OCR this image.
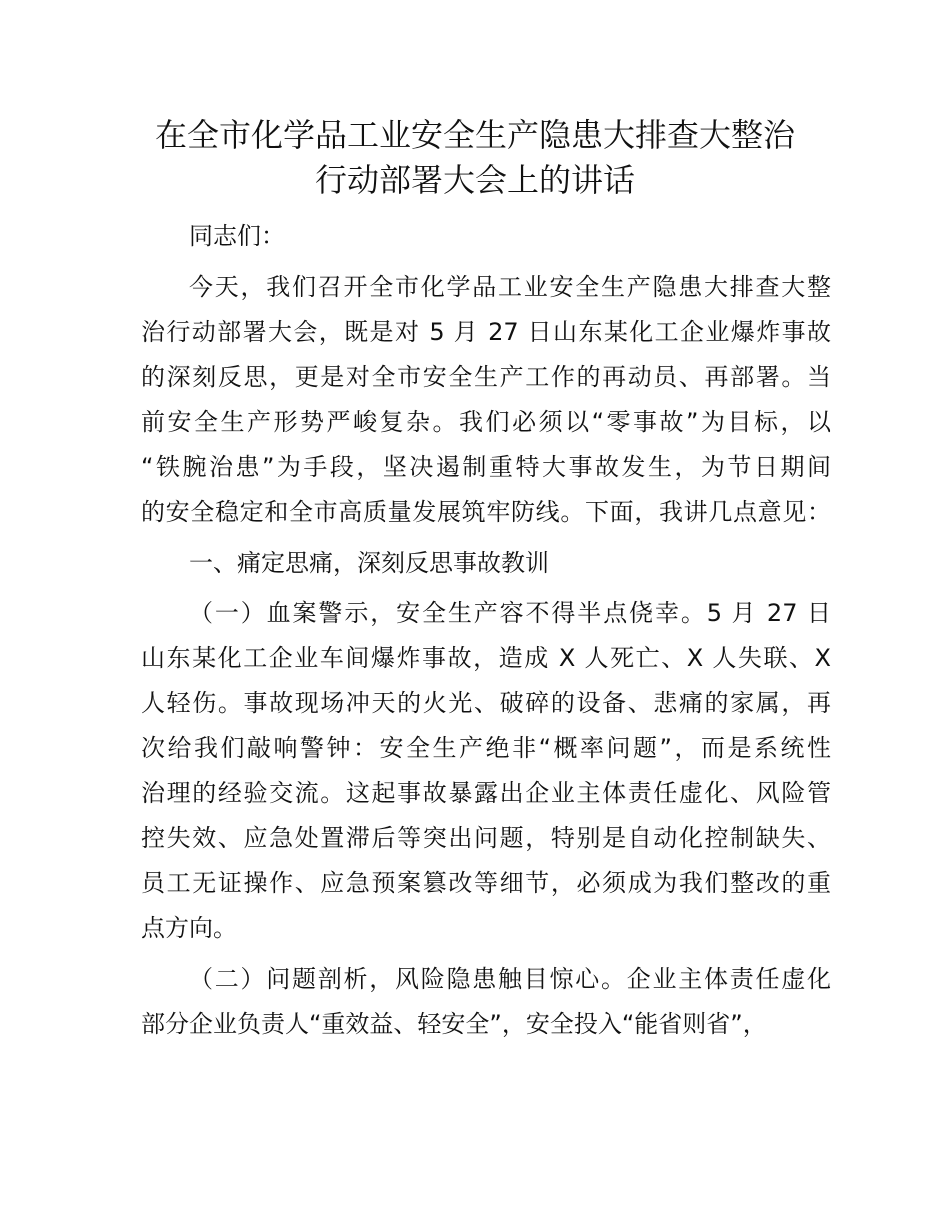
在全市化学品工业安全生产隐患大排查大整治
行动部署大会上的讲话
同志们：
今天，我们召开全市化学品工业安全生产隐患大排查大整
治行动部署大会，既是对 5 月 27 日山东某化工企业爆炸事故
的深刻反思，更是对全市安全生产工作的再动员、再部署。当
前安全生产形势严峻复杂。我们必须以“零事故”为目标，以
“铁腕治患”为手段，坚决遏制重特大事故发生，为节日期间
的安全稳定和全市高质量发展筑牢防线。下面，我讲几点意见：
一、痛定思痛，深刻反思事故教训
（一）血案警示，安全生产容不得半点侥幸。5 月 27 日
山东某化工企业车间爆炸事故，造成 X 人死亡、X 人失联、X
人轻伤。事故现场冲天的火光、破碎的设备、悲痛的家属，再
次给我们敲响警钟：安全生产绝非“概率问题”，而是系统性
治理的经验交流。这起事故暴露出企业主体责任虚化、风险管
控失效、应急处置滞后等突出问题，特别是自动化控制缺失、
员工无证操作、应急预案篡改等细节，必须成为我们整改的重
点方向。
（二）问题剖析，风险隐患触目惊心。企业主体责任虚化
部分企业负责人“重效益、轻安全”，安全投入“能省则省”，
